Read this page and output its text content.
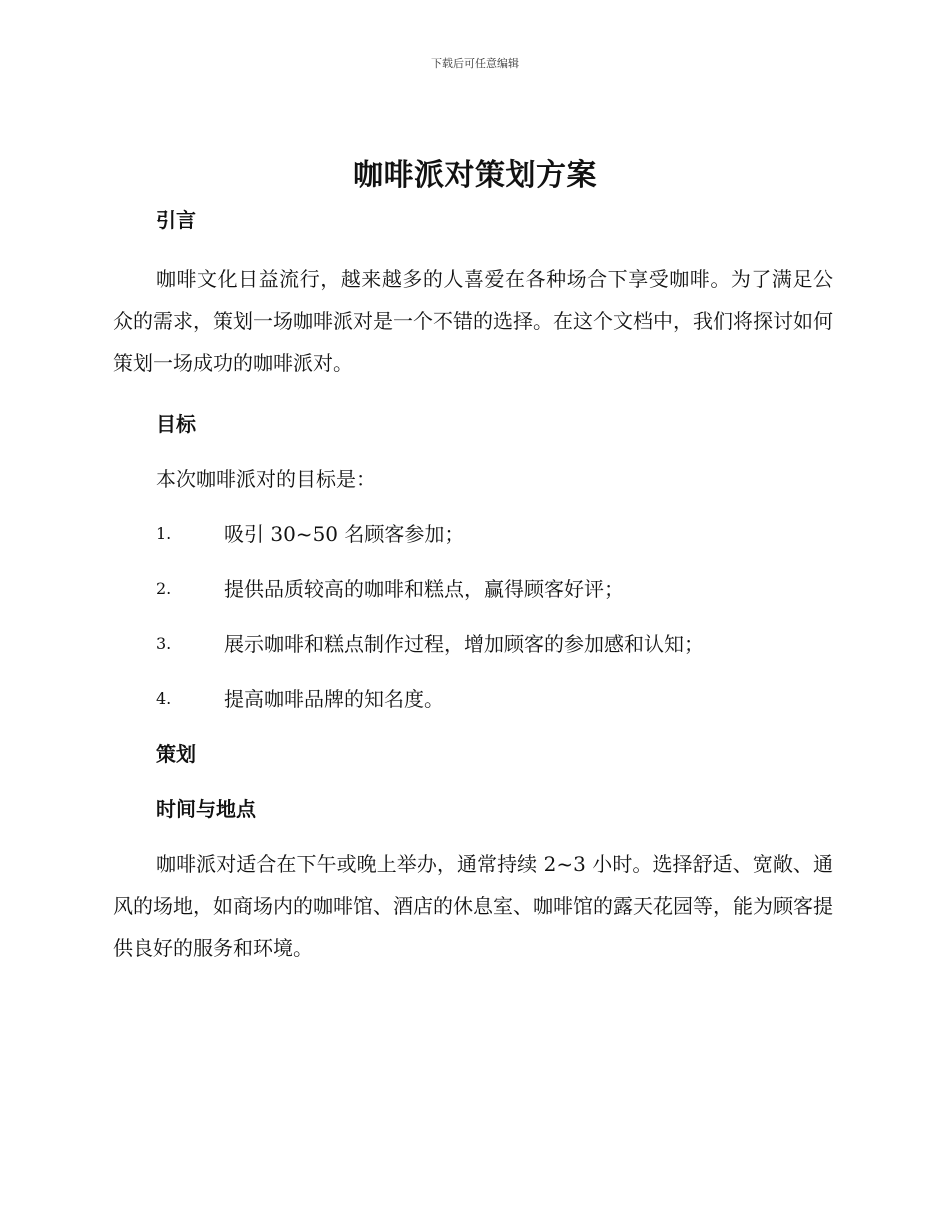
下载后可任意编辑
咖啡派对策划方案
引言

咖啡文化日益流行，越来越多的人喜爱在各种场合下享受咖啡。为了满足公众的需求，策划一场咖啡派对是一个不错的选择。在这个文档中，我们将探讨如何策划一场成功的咖啡派对。

目标

本次咖啡派对的目标是：

1.	吸引 30~50 名顾客参加；
2.	提供品质较高的咖啡和糕点，赢得顾客好评；
3.	展示咖啡和糕点制作过程，增加顾客的参加感和认知；
4.	提高咖啡品牌的知名度。
策划
时间与地点

咖啡派对适合在下午或晚上举办，通常持续 2~3 小时。选择舒适、宽敞、通风的场地，如商场内的咖啡馆、酒店的休息室、咖啡馆的露天花园等，能为顾客提供良好的服务和环境。
